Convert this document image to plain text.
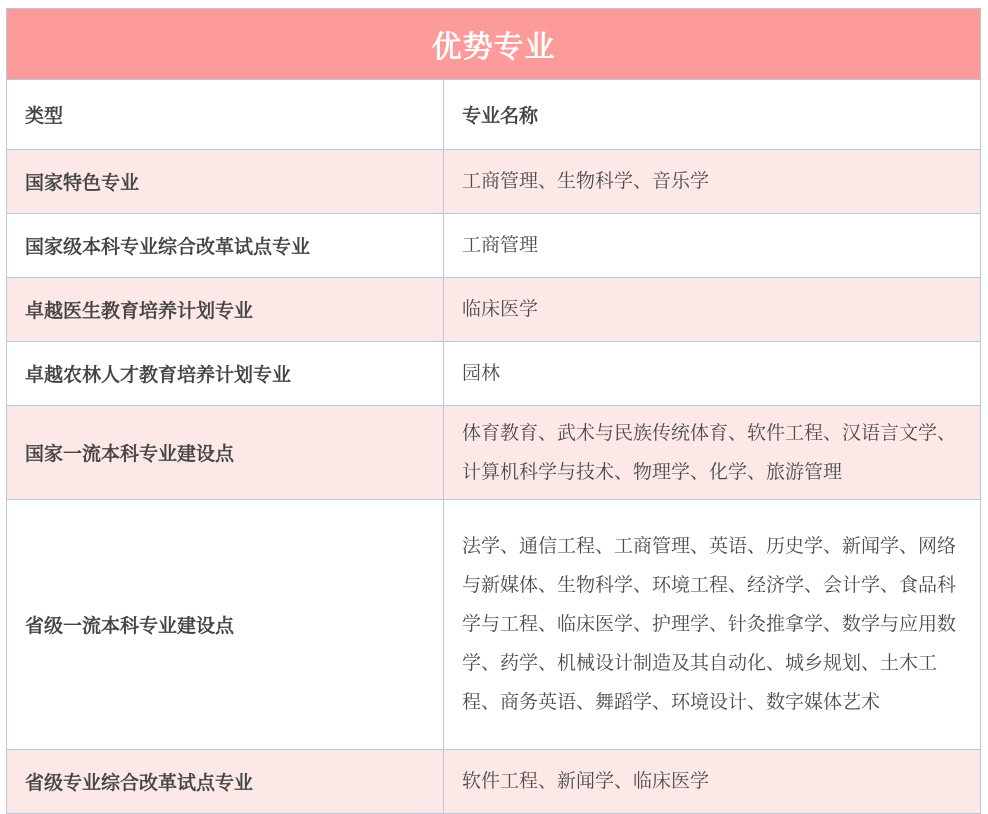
优势专业	
类型	专业名称
国家特色专业	工商管理、生物科学、音乐学
国家级本科专业综合改革试点专业	工商管理
卓越医生教育培养计划专业	临床医学
卓越农林人才教育培养计划专业	园林
国家一流本科专业建设点	体育教育、武术与民族传统体育、软件工程、汉语言文学、计算机科学与技术、物理学、化学、旅游管理
省级一流本科专业建设点	法学、通信工程、工商管理、英语、历史学、新闻学、网络与新媒体、生物科学、环境工程、经济学、会计学、食品科学与工程、临床医学、护理学、针灸推拿学、数学与应用数学、药学、机械设计制造及其自动化、城乡规划、土木工程、商务英语、舞蹈学、环境设计、数字媒体艺术
省级专业综合改革试点专业	软件工程、新闻学、临床医学
